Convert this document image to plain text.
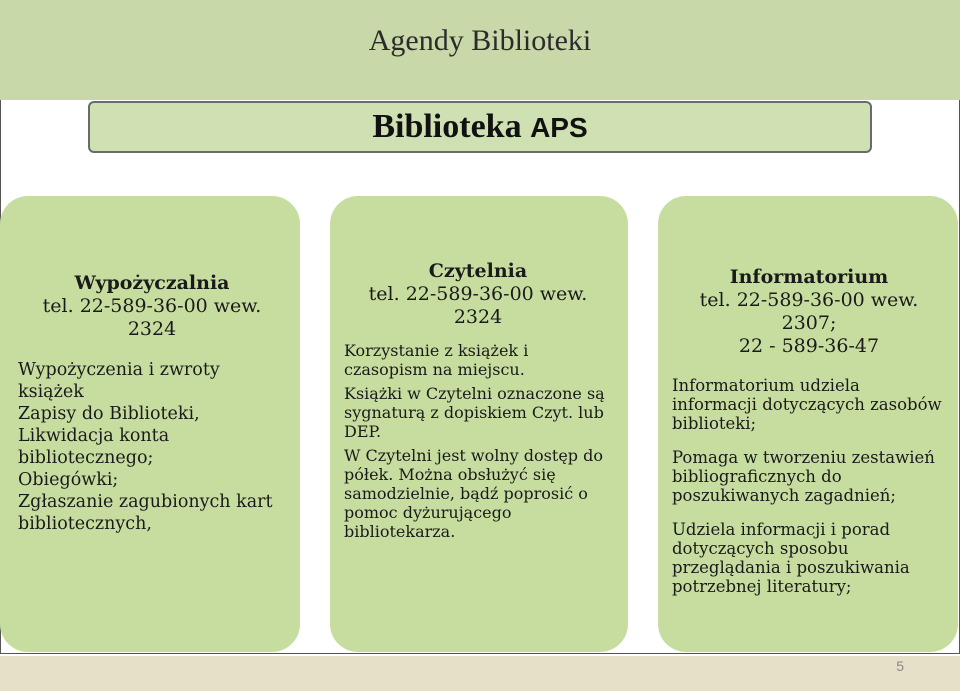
Agendy Biblioteki
Biblioteka APS
Wypożyczalnia
tel. 22-589-36-00 wew. 2324

Wypożyczenia i zwroty książek

Zapisy do Biblioteki,

Likwidacja konta bibliotecznego;

Obiegówki;

Zgłaszanie zagubionych kart bibliotecznych,

Czytelnia
tel. 22-589-36-00 wew. 2324

Korzystanie z książek i czasopism na miejscu.

Książki w Czytelni oznaczone są sygnaturą z dopiskiem Czyt. lub DEP.

W Czytelni jest wolny dostęp do półek. Można obsłużyć się samodzielnie, bądź poprosić o pomoc dyżurującego bibliotekarza.

Informatorium
tel. 22-589-36-00 wew. 2307;
22 - 589-36-47

Informatorium udziela informacji dotyczących zasobów biblioteki;

Pomaga w tworzeniu zestawień bibliograficznych do poszukiwanych zagadnień;

Udziela informacji i porad dotyczących sposobu przeglądania i poszukiwania potrzebnej literatury;

5
